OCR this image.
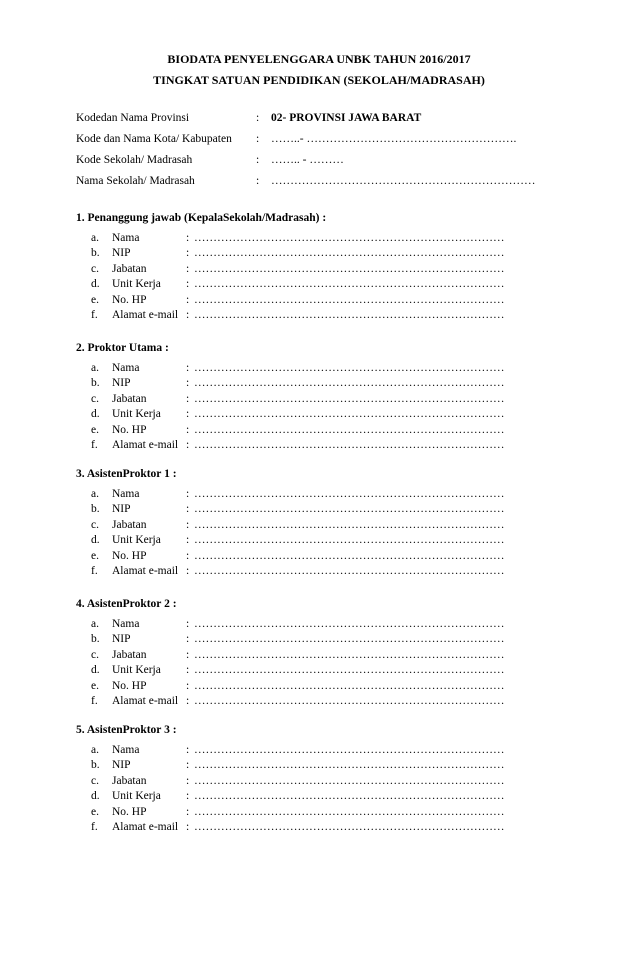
BIODATA PENYELENGGARA UNBK TAHUN 2016/2017
TINGKAT SATUAN PENDIDIKAN (SEKOLAH/MADRASAH)
Kodedan Nama Provinsi	: 02- PROVINSI JAWA BARAT
Kode dan Nama Kota/ Kabupaten : ……..- ……………………………………………….
Kode Sekolah/ Madrasah	: …….. - ………
Nama Sekolah/ Madrasah	: ……………………………………………………………
1. Penanggung jawab (KepalaSekolah/Madrasah) :
a. Nama	: ………………………………………………………………………
b. NIP	: ………………………………………………………………………
c. Jabatan	: ………………………………………………………………………
d. Unit Kerja : ………………………………………………………………………
e. No. HP	: ………………………………………………………………………
f. Alamat e-mail : ………………………………………………………………………
2. Proktor Utama :
a. Nama	: ………………………………………………………………………
b. NIP	: ………………………………………………………………………
c. Jabatan	: ………………………………………………………………………
d. Unit Kerja : ………………………………………………………………………
e. No. HP	: ………………………………………………………………………
f. Alamat e-mail : ………………………………………………………………………
3. AsistenProktor 1 :
a. Nama	: ………………………………………………………………………
b. NIP	: ………………………………………………………………………
c. Jabatan	: ………………………………………………………………………
d. Unit Kerja : ………………………………………………………………………
e. No. HP	: ………………………………………………………………………
f. Alamat e-mail : ………………………………………………………………………
4. AsistenProktor 2 :
a. Nama	: ………………………………………………………………………
b. NIP	: ………………………………………………………………………
c. Jabatan	: ………………………………………………………………………
d. Unit Kerja : ………………………………………………………………………
e. No. HP	: ………………………………………………………………………
f. Alamat e-mail : ………………………………………………………………………
5. AsistenProktor 3 :
a. Nama	: ………………………………………………………………………
b. NIP	: ………………………………………………………………………
c. Jabatan	: ………………………………………………………………………
d. Unit Kerja : ………………………………………………………………………
e. No. HP	: ………………………………………………………………………
f. Alamat e-mail : ………………………………………………………………………
